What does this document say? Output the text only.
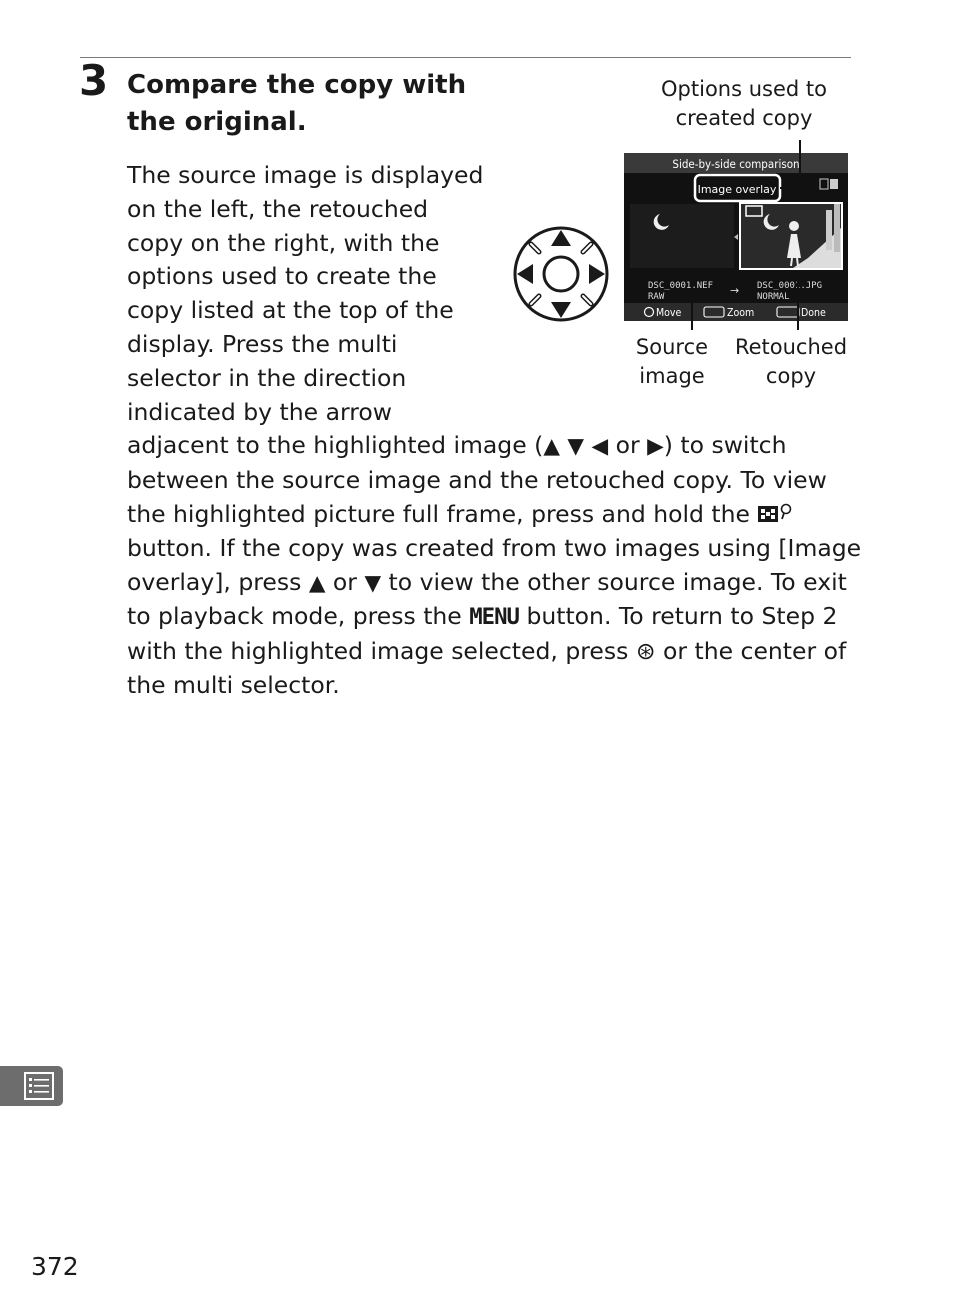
3 Compare the copy with the original.

The source image is displayed on the left, the retouched copy on the right, with the options used to create the copy listed at the top of the display. Press the multi selector in the direction indicated by the arrow adjacent to the highlighted image (▲ ▼ ◀ or ▶) to switch between the source image and the retouched copy. To view the highlighted picture full frame, press and hold the  button. If the copy was created from two images using [Image overlay], press ▲ or ▼ to view the other source image. To exit to playback mode, press the MENU button. To return to Step 2 with the highlighted image selected, press ⊛ or the center of the multi selector.

Options used to created copy
Source image
Retouched copy
Side-by-side comparison
Image overlay
DSC_0001.NEF
RAW	→ DSC_0001.JPG
NORMAL
Move	Zoom	Done
372
